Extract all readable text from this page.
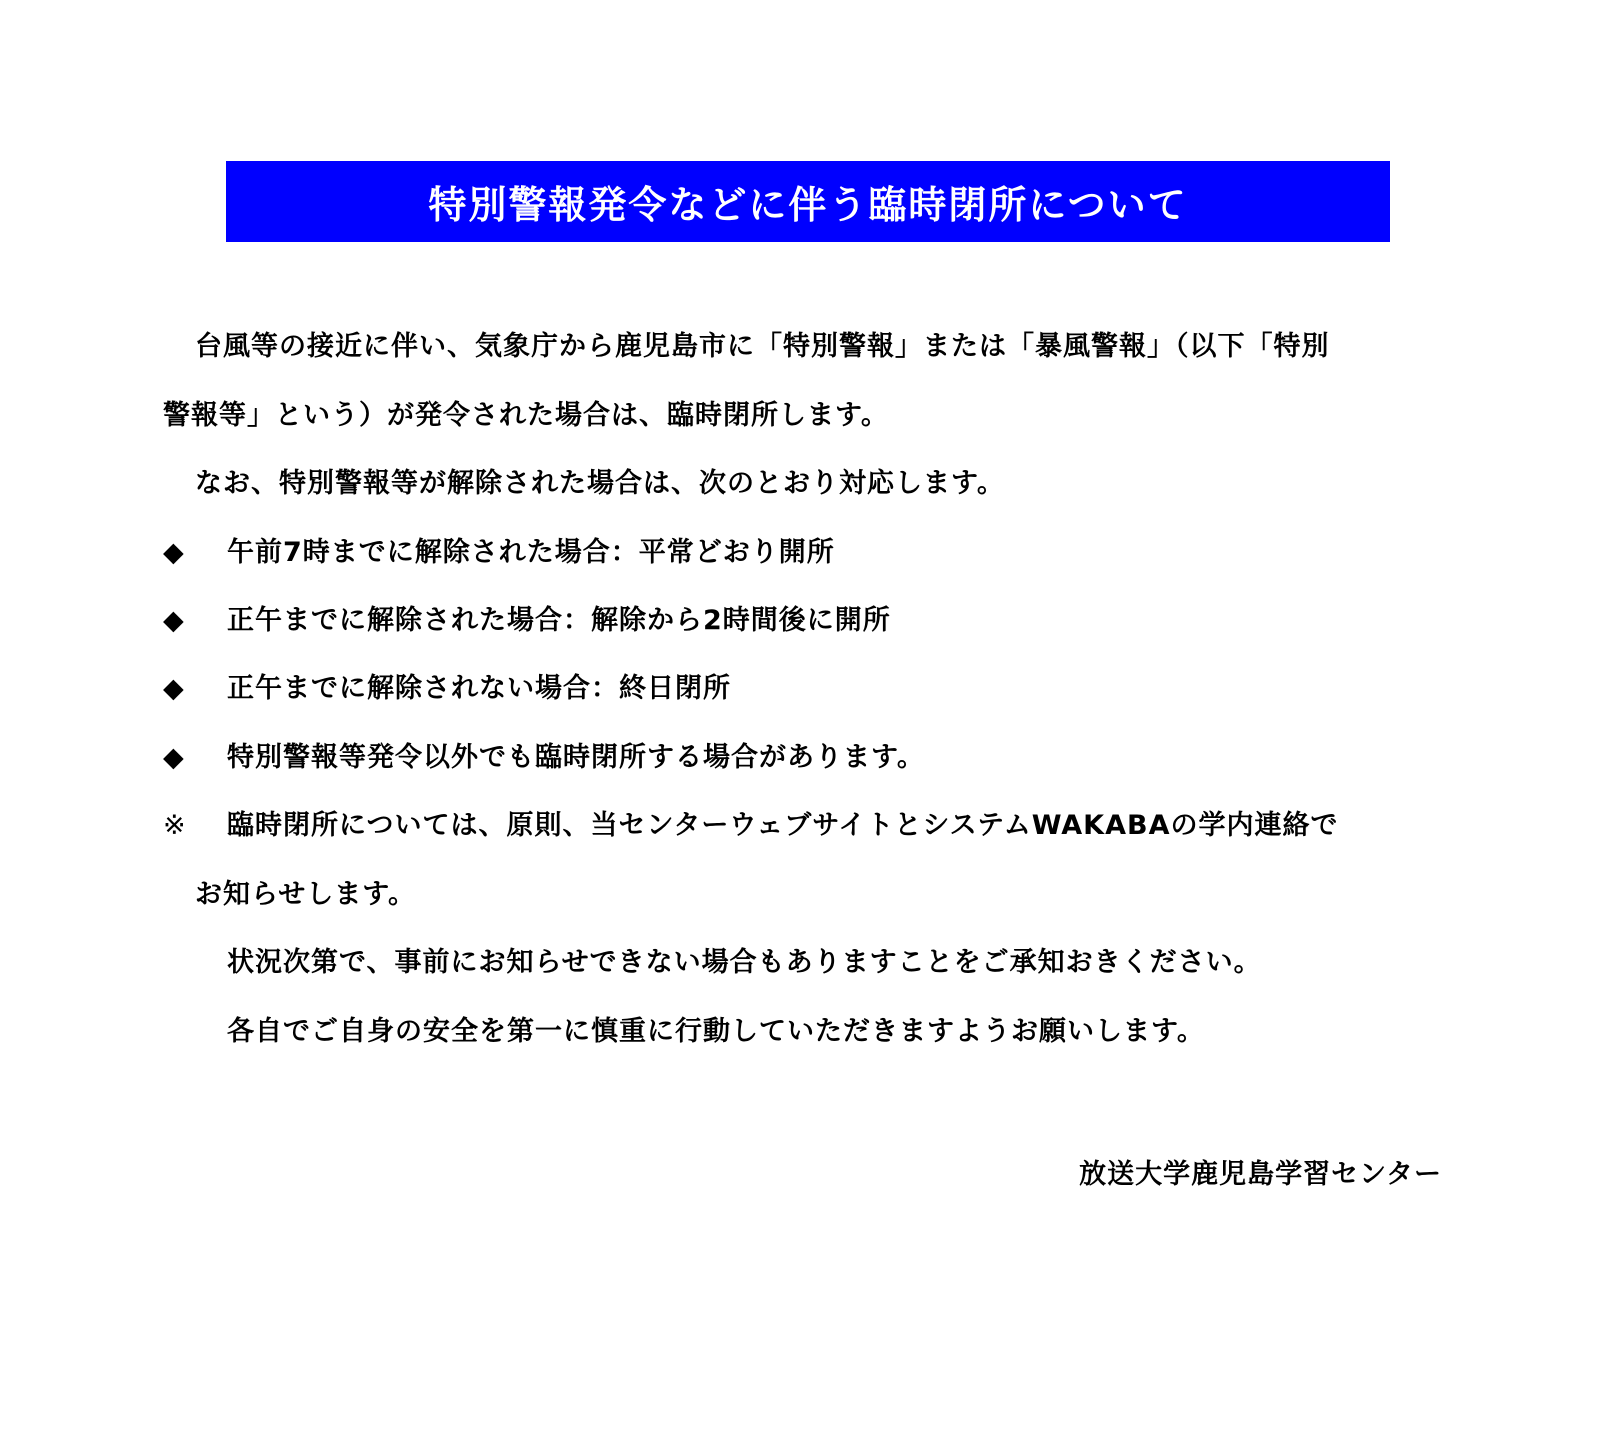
特別警報発令などに伴う臨時閉所について
台風等の接近に伴い、気象庁から鹿児島市に「特別警報」または「暴風警報」（以下「特別
警報等」という）が発令された場合は、臨時閉所します。
なお、特別警報等が解除された場合は、次のとおり対応します。
◆ 午前7時までに解除された場合：平常どおり開所
◆ 正午までに解除された場合：解除から2時間後に開所
◆ 正午までに解除されない場合：終日閉所
◆ 特別警報等発令以外でも臨時閉所する場合があります。
※ 臨時閉所については、原則、当センターウェブサイトとシステムWAKABAの学内連絡で
お知らせします。
状況次第で、事前にお知らせできない場合もありますことをご承知おきください。
各自でご自身の安全を第一に慎重に行動していただきますようお願いします。
放送大学鹿児島学習センター
